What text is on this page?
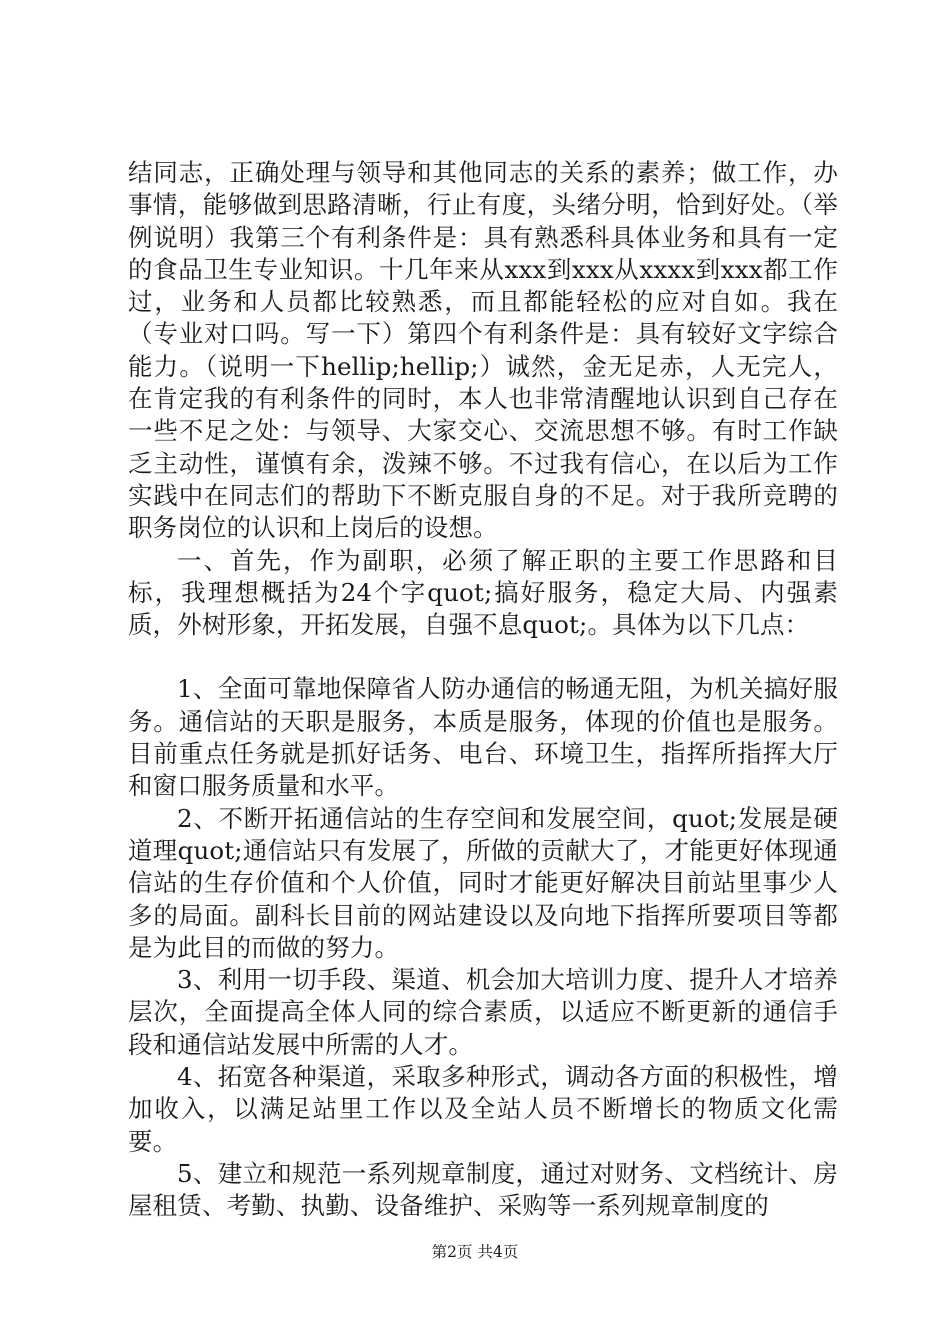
结同志，正确处理与领导和其他同志的关系的素养；做工作，办事情，能够做到思路清晰，行止有度，头绪分明，恰到好处。（举例说明）我第三个有利条件是：具有熟悉科具体业务和具有一定的食品卫生专业知识。十几年来从xxx到xxx从xxxx到xxx都工作过，业务和人员都比较熟悉，而且都能轻松的应对自如。我在（专业对口吗。写一下）第四个有利条件是：具有较好文字综合能力。（说明一下hellip;hellip;）诚然，金无足赤，人无完人，在肯定我的有利条件的同时，本人也非常清醒地认识到自己存在一些不足之处：与领导、大家交心、交流思想不够。有时工作缺乏主动性，谨慎有余，泼辣不够。不过我有信心，在以后为工作实践中在同志们的帮助下不断克服自身的不足。对于我所竞聘的职务岗位的认识和上岗后的设想。

一、首先，作为副职，必须了解正职的主要工作思路和目标，我理想概括为24个字quot;搞好服务，稳定大局、内强素质，外树形象，开拓发展，自强不息quot;。具体为以下几点：

1、全面可靠地保障省人防办通信的畅通无阻，为机关搞好服务。通信站的天职是服务，本质是服务，体现的价值也是服务。目前重点任务就是抓好话务、电台、环境卫生，指挥所指挥大厅和窗口服务质量和水平。

2、不断开拓通信站的生存空间和发展空间，quot;发展是硬道理quot;通信站只有发展了，所做的贡献大了，才能更好体现通信站的生存价值和个人价值，同时才能更好解决目前站里事少人多的局面。副科长目前的网站建设以及向地下指挥所要项目等都是为此目的而做的努力。

3、利用一切手段、渠道、机会加大培训力度、提升人才培养层次，全面提高全体人同的综合素质，以适应不断更新的通信手段和通信站发展中所需的人才。

4、拓宽各种渠道，采取多种形式，调动各方面的积极性，增加收入，以满足站里工作以及全站人员不断增长的物质文化需要。

5、建立和规范一系列规章制度，通过对财务、文档统计、房屋租赁、考勤、执勤、设备维护、采购等一系列规章制度的

第2页 共4页
